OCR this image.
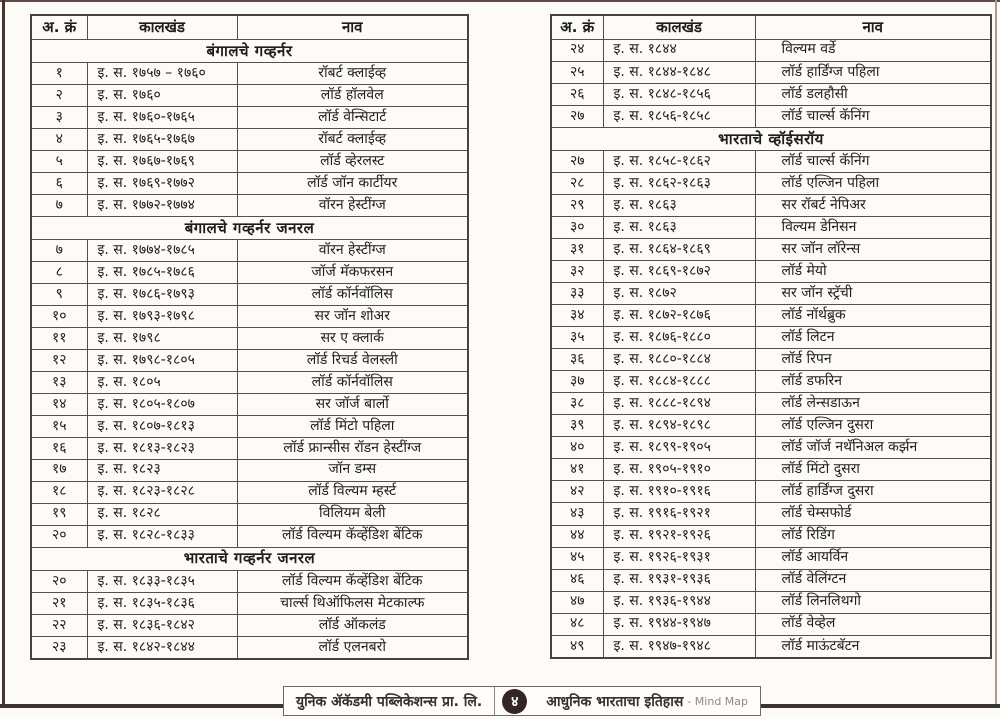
अ. क्रं	कालखंड	नाव
बंगालचे गव्हर्नर		
१	इ. स. १७५७ – १७६०	रॉबर्ट क्लाईव्ह
२	इ. स. १७६०	लॉर्ड हॉलवेल
३	इ. स. १७६०-१७६५	लॉर्ड वेन्सिटार्ट
४	इ. स. १७६५-१७६७	रॉबर्ट क्लाईव्ह
५	इ. स. १७६७-१७६९	लॉर्ड व्हेरलस्ट
६	इ. स. १७६९-१७७२	लॉर्ड जॉन कार्टीयर
७	इ. स. १७७२-१७७४	वॉरन हेस्टींग्ज
बंगालचे गव्हर्नर जनरल		
७	इ. स. १७७४-१७८५	वॉरन हेस्टींग्ज
८	इ. स. १७८५-१७८६	जॉर्ज मॅकफरसन
९	इ. स. १७८६-१७९३	लॉर्ड कॉर्नवॉलिस
१०	इ. स. १७९३-१७९८	सर जॉन शोअर
११	इ. स. १७९८	सर ए क्लार्क
१२	इ. स. १७९८-१८०५	लॉर्ड रिचर्ड वेलस्ली
१३	इ. स. १८०५	लॉर्ड कॉर्नवॉलिस
१४	इ. स. १८०५-१८०७	सर जॉर्ज बार्लो
१५	इ. स. १८०७-१८१३	लॉर्ड मिंटो पहिला
१६	इ. स. १८१३-१८२३	लॉर्ड फ्रान्सीस रॉडन हेस्टींग्ज
१७	इ. स. १८२३	जॉन डम्स
१८	इ. स. १८२३-१८२८	लॉर्ड विल्यम म्हर्स्ट
१९	इ. स. १८२८	विलियम बेली
२०	इ. स. १८२८-१८३३	लॉर्ड विल्यम कॅव्हेंडिश बेंटिक
भारताचे गव्हर्नर जनरल		
२०	इ. स. १८३३-१८३५	लॉर्ड विल्यम कॅव्हेंडिश बेंटिक
२१	इ. स. १८३५-१८३६	चार्ल्स थिऑफिलस मेटकाल्फ
२२	इ. स. १८३६-१८४२	लॉर्ड ऑकलंड
२३	इ. स. १८४२-१८४४	लॉर्ड एलनबरो
अ. क्रं	कालखंड	नाव
२४	इ. स. १८४४	विल्यम वर्डे
२५	इ. स. १८४४-१८४८	लॉर्ड हार्डिंग्ज पहिला
२६	इ. स. १८४८-१८५६	लॉर्ड डलहौसी
२७	इ. स. १८५६-१८५८	लॉर्ड चार्ल्स कॅनिंग
भारताचे व्हॉईसरॉय		
२७	इ. स. १८५८-१८६२	लॉर्ड चार्ल्स कॅनिंग
२८	इ. स. १८६२-१८६३	लॉर्ड एल्जिन पहिला
२९	इ. स. १८६३	सर रॉबर्ट नेपिअर
३०	इ. स. १८६३	विल्यम डेनिसन
३१	इ. स. १८६४-१८६९	सर जॉन लॉरेन्स
३२	इ. स. १८६९-१८७२	लॉर्ड मेयो
३३	इ. स. १८७२	सर जॉन स्ट्रॅची
३४	इ. स. १८७२-१८७६	लॉर्ड नॉर्थब्रुक
३५	इ. स. १८७६-१८८०	लॉर्ड लिटन
३६	इ. स. १८८०-१८८४	लॉर्ड रिपन
३७	इ. स. १८८४-१८८८	लॉर्ड डफरिन
३८	इ. स. १८८८-१८९४	लॉर्ड लेन्सडाऊन
३९	इ. स. १८९४-१८९८	लॉर्ड एल्जिन दुसरा
४०	इ. स. १८९९-१९०५	लॉर्ड जॉर्ज नथॅनिअल कर्झन
४१	इ. स. १९०५-१९१०	लॉर्ड मिंटो दुसरा
४२	इ. स. १९१०-१९१६	लॉर्ड हार्डिंग्ज दुसरा
४३	इ. स. १९१६-१९२१	लॉर्ड चेम्सफोर्ड
४४	इ. स. १९२१-१९२६	लॉर्ड रिडिंग
४५	इ. स. १९२६-१९३१	लॉर्ड आयर्विन
४६	इ. स. १९३१-१९३६	लॉर्ड वेलिंग्टन
४७	इ. स. १९३६-१९४४	लॉर्ड लिनलिथगो
४८	इ. स. १९४४-१९४७	लॉर्ड वेव्हेल
४९	इ. स. १९४७-१९४८	लॉर्ड माऊंटबॅटन
युनिक ॲकॅडमी पब्लिकेशन्स प्रा. लि.	४	आधुनिक भारताचा इतिहास - Mind Map
